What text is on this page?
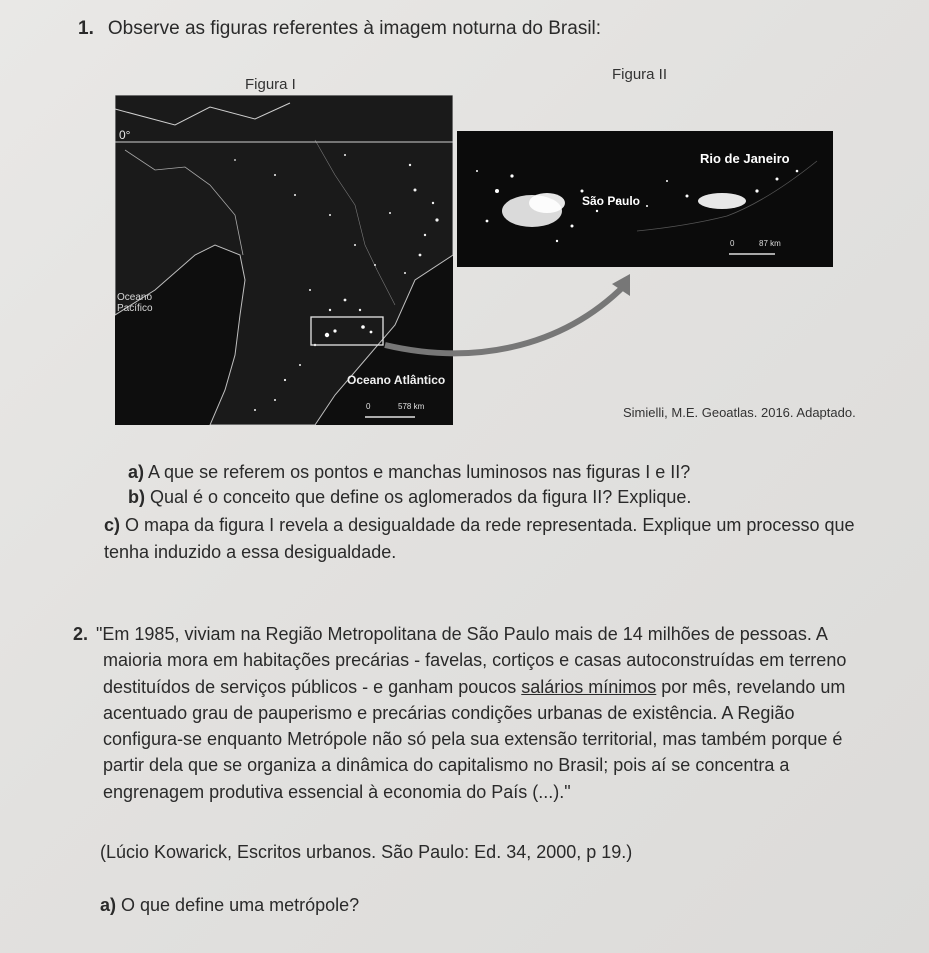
1. Observe as figuras referentes à imagem noturna do Brasil:
Figura I
Figura II
0°
Oceano
Pacífico
Oceano Atlântico
0	578 km
Rio de Janeiro
São Paulo
0	87 km
Simielli, M.E. Geoatlas. 2016. Adaptado.
a) A que se referem os pontos e manchas luminosos nas figuras I e II?
b) Qual é o conceito que define os aglomerados da figura II? Explique.
c) O mapa da figura I revela a desigualdade da rede representada. Explique um processo que
tenha induzido a essa desigualdade.
2. "Em 1985, viviam na Região Metropolitana de São Paulo mais de 14 milhões de pessoas. A
maioria mora em habitações precárias - favelas, cortiços e casas autoconstruídas em terreno
destituídos de serviços públicos - e ganham poucos salários mínimos por mês, revelando um
acentuado grau de pauperismo e precárias condições urbanas de existência. A Região
configura-se enquanto Metrópole não só pela sua extensão territorial, mas também porque é
partir dela que se organiza a dinâmica do capitalismo no Brasil; pois aí se concentra a
engrenagem produtiva essencial à economia do País (...)."
(Lúcio Kowarick, Escritos urbanos. São Paulo: Ed. 34, 2000, p 19.)
a) O que define uma metrópole?
